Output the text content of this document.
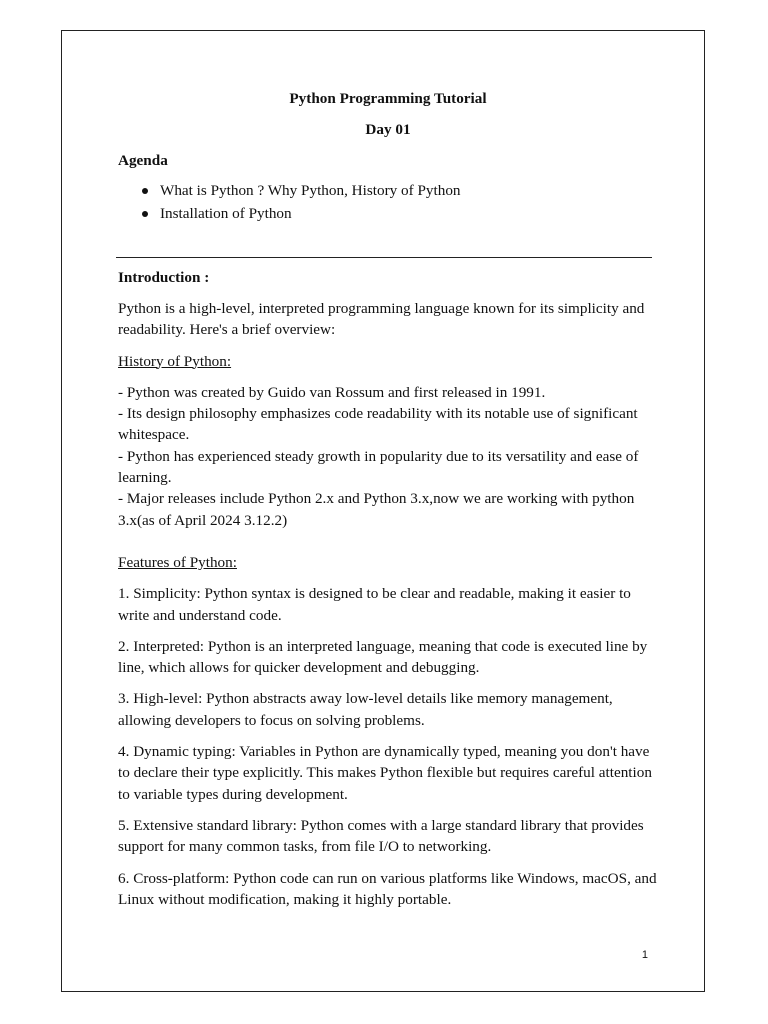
Python Programming Tutorial

Day 01

Agenda

What is Python ? Why Python, History of Python
Installation of Python

Introduction :

Python is a high-level, interpreted programming language known for its simplicity and readability. Here's a brief overview:

History of Python:

- Python was created by Guido van Rossum and first released in 1991.

- Its design philosophy emphasizes code readability with its notable use of significant whitespace.

- Python has experienced steady growth in popularity due to its versatility and ease of learning.

- Major releases include Python 2.x and Python 3.x,now we are working with python 3.x(as of April 2024 3.12.2)

Features of Python:

1. Simplicity: Python syntax is designed to be clear and readable, making it easier to write and understand code.

2. Interpreted: Python is an interpreted language, meaning that code is executed line by line, which allows for quicker development and debugging.

3. High-level: Python abstracts away low-level details like memory management, allowing developers to focus on solving problems.

4. Dynamic typing: Variables in Python are dynamically typed, meaning you don't have to declare their type explicitly. This makes Python flexible but requires careful attention to variable types during development.

5. Extensive standard library: Python comes with a large standard library that provides support for many common tasks, from file I/O to networking.

6. Cross-platform: Python code can run on various platforms like Windows, macOS, and Linux without modification, making it highly portable.

1
